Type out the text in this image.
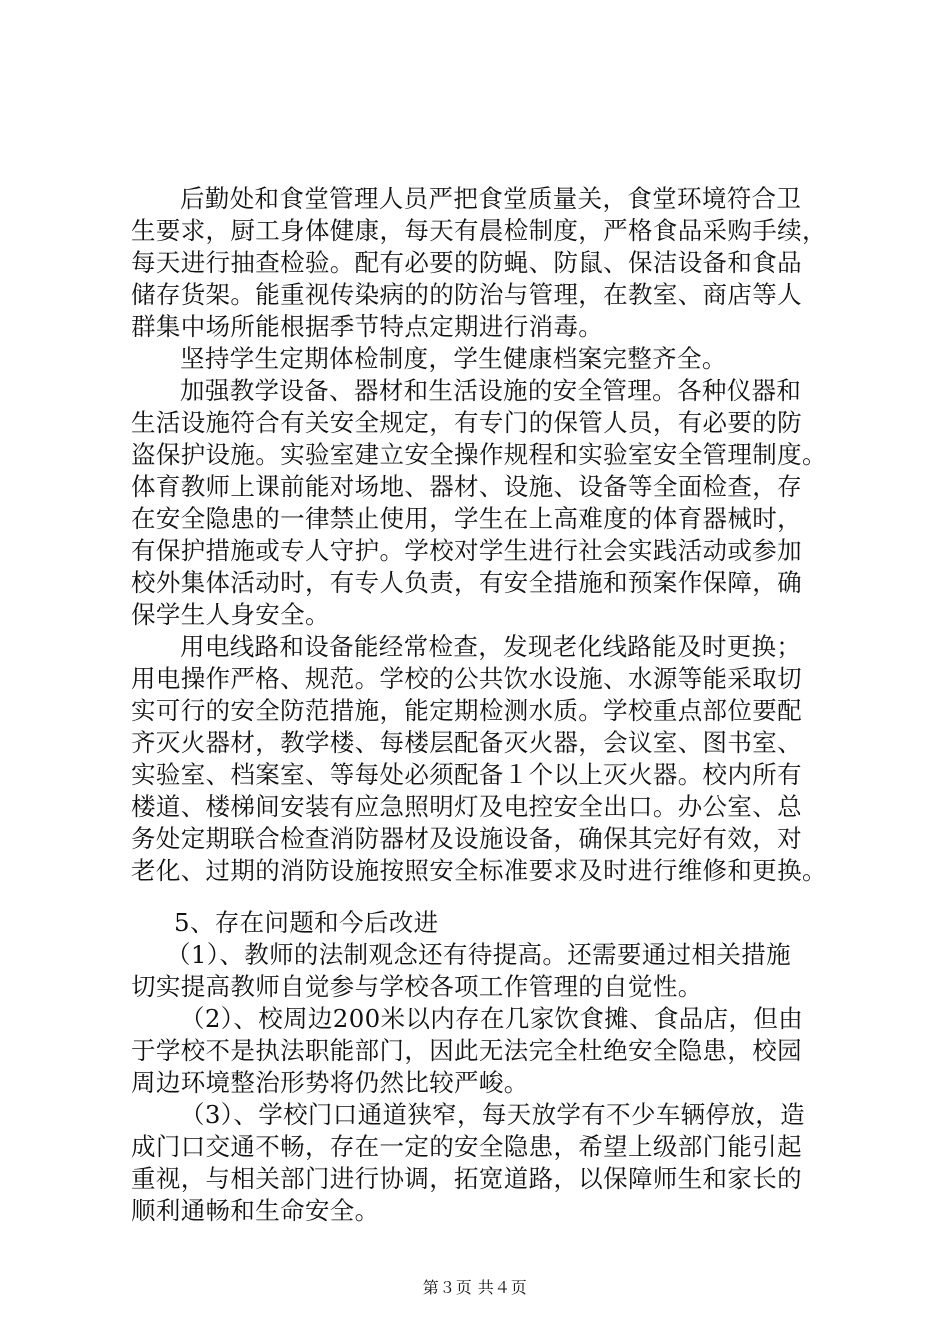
后勤处和食堂管理人员严把食堂质量关，食堂环境符合卫
生要求，厨工身体健康，每天有晨检制度，严格食品采购手续，
每天进行抽查检验。配有必要的防蝇、防鼠、保洁设备和食品
储存货架。能重视传染病的的防治与管理，在教室、商店等人
群集中场所能根据季节特点定期进行消毒。
坚持学生定期体检制度，学生健康档案完整齐全。
加强教学设备、器材和生活设施的安全管理。各种仪器和
生活设施符合有关安全规定，有专门的保管人员，有必要的防
盗保护设施。实验室建立安全操作规程和实验室安全管理制度。
体育教师上课前能对场地、器材、设施、设备等全面检查，存
在安全隐患的一律禁止使用，学生在上高难度的体育器械时，
有保护措施或专人守护。学校对学生进行社会实践活动或参加
校外集体活动时，有专人负责，有安全措施和预案作保障，确
保学生人身安全。
用电线路和设备能经常检查，发现老化线路能及时更换；
用电操作严格、规范。学校的公共饮水设施、水源等能采取切
实可行的安全防范措施，能定期检测水质。学校重点部位要配
齐灭火器材，教学楼、每楼层配备灭火器，会议室、图书室、
实验室、档案室、等每处必须配备１个以上灭火器。校内所有
楼道、楼梯间安装有应急照明灯及电控安全出口。办公室、总
务处定期联合检查消防器材及设施设备，确保其完好有效，对
老化、过期的消防设施按照安全标准要求及时进行维修和更换。
5、存在问题和今后改进
（1）、教师的法制观念还有待提高。还需要通过相关措施
切实提高教师自觉参与学校各项工作管理的自觉性。
（2）、校周边200米以内存在几家饮食摊、食品店，但由
于学校不是执法职能部门，因此无法完全杜绝安全隐患，校园
周边环境整治形势将仍然比较严峻。
（3）、学校门口通道狭窄，每天放学有不少车辆停放，造
成门口交通不畅，存在一定的安全隐患，希望上级部门能引起
重视，与相关部门进行协调，拓宽道路，以保障师生和家长的
顺利通畅和生命安全。
第３页 共４页
